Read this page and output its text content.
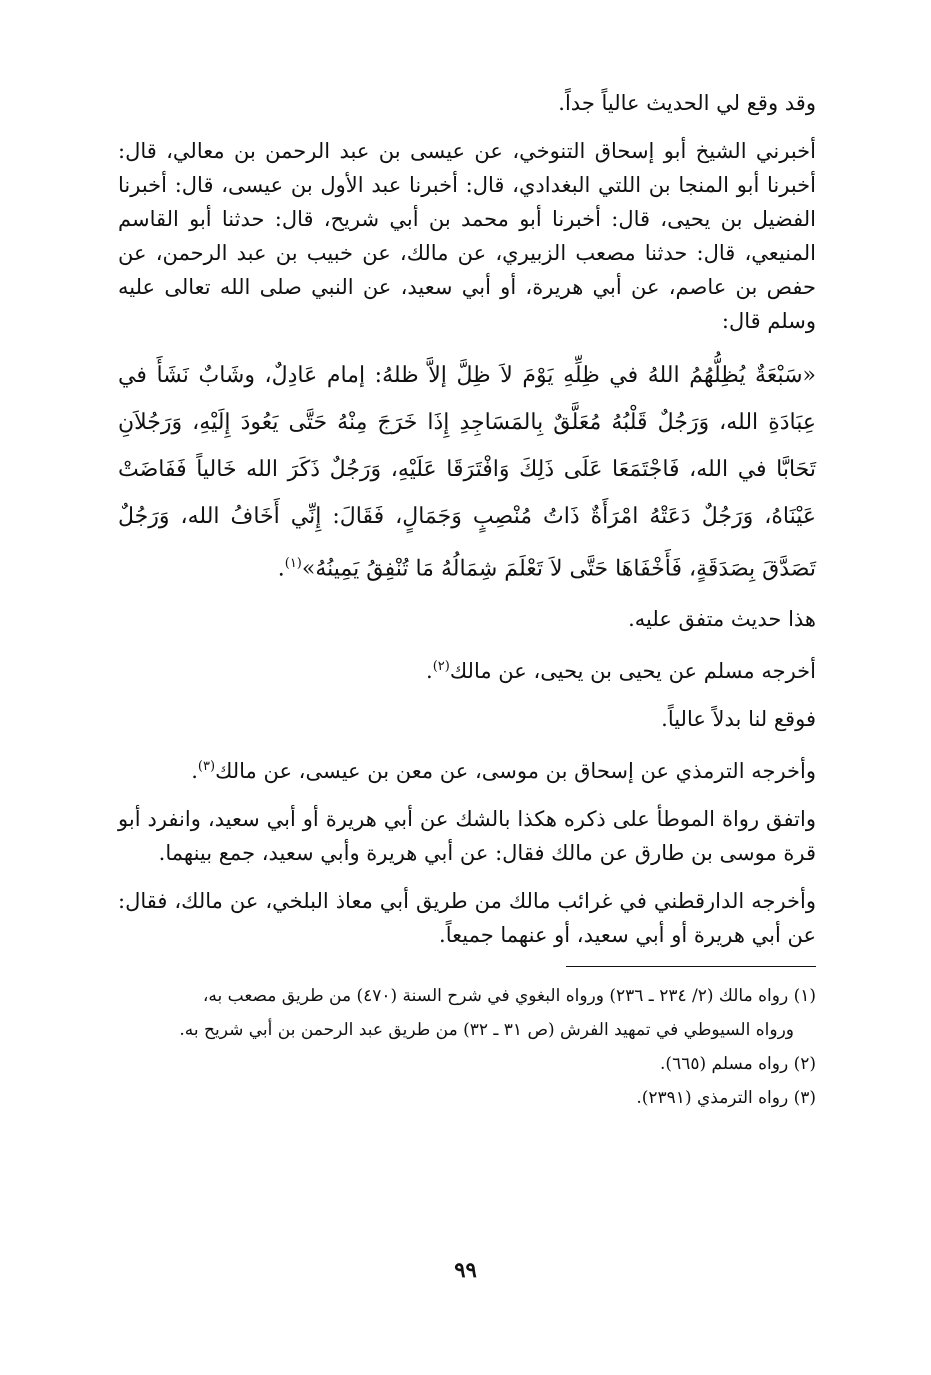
وقد وقع لي الحديث عالياً جداً.

أخبرني الشيخ أبو إسحاق التنوخي، عن عيسى بن عبد الرحمن بن معالي، قال: أخبرنا أبو المنجا بن اللتي البغدادي، قال: أخبرنا عبد الأول بن عيسى، قال: أخبرنا الفضيل بن يحيى، قال: أخبرنا أبو محمد بن أبي شريح، قال: حدثنا أبو القاسم المنيعي، قال: حدثنا مصعب الزبيري، عن مالك، عن خبيب بن عبد الرحمن، عن حفص بن عاصم، عن أبي هريرة، أو أبي سعيد، عن النبي صلى الله تعالى عليه وسلم قال:

«سَبْعَةٌ يُظِلُّهُمُ اللهُ في ظِلِّهِ يَوْمَ لاَ ظِلَّ إلاَّ ظلهُ: إمام عَادِلٌ، وشَابٌ نَشَأَ في عِبَادَةِ الله، وَرَجُلٌ قَلْبُهُ مُعَلَّقٌ بِالمَسَاجِدِ إِذَا خَرَجَ مِنْهُ حَتَّى يَعُودَ إِلَيْهِ، وَرَجُلاَنِ تَحَابَّا في الله، فَاجْتَمَعَا عَلَى ذَلِكَ وَافْتَرَقَا عَلَيْهِ، وَرَجُلٌ ذَكَرَ الله خَالياً فَفَاضَتْ عَيْنَاهُ، وَرَجُلٌ دَعَتْهُ امْرَأَةٌ ذَاتُ مُنْصِبٍ وَجَمَالٍ، فَقَالَ: إِنِّي أَخَافُ الله، وَرَجُلٌ تَصَدَّقَ بِصَدَقَةٍ، فَأَخْفَاهَا حَتَّى لاَ تَعْلَمَ شِمَالُهُ مَا تُنْفِقُ يَمِينُهُ»$^{(١)}$.

هذا حديث متفق عليه.

أخرجه مسلم عن يحيى بن يحيى، عن مالك$^{(٢)}$.

فوقع لنا بدلاً عالياً.

وأخرجه الترمذي عن إسحاق بن موسى، عن معن بن عيسى، عن مالك$^{(٣)}$.

واتفق رواة الموطأ على ذكره هكذا بالشك عن أبي هريرة أو أبي سعيد، وانفرد أبو قرة موسى بن طارق عن مالك فقال: عن أبي هريرة وأبي سعيد، جمع بينهما.

وأخرجه الدارقطني في غرائب مالك من طريق أبي معاذ البلخي، عن مالك، فقال: عن أبي هريرة أو أبي سعيد، أو عنهما جميعاً.

(١) رواه مالك (٢/ ٢٣٤ ـ ٢٣٦) ورواه البغوي في شرح السنة (٤٧٠) من طريق مصعب به،

ورواه السيوطي في تمهيد الفرش (ص ٣١ ـ ٣٢) من طريق عبد الرحمن بن أبي شريح به.

(٢) رواه مسلم (٦٦٥).

(٣) رواه الترمذي (٢٣٩١).

٩٩
